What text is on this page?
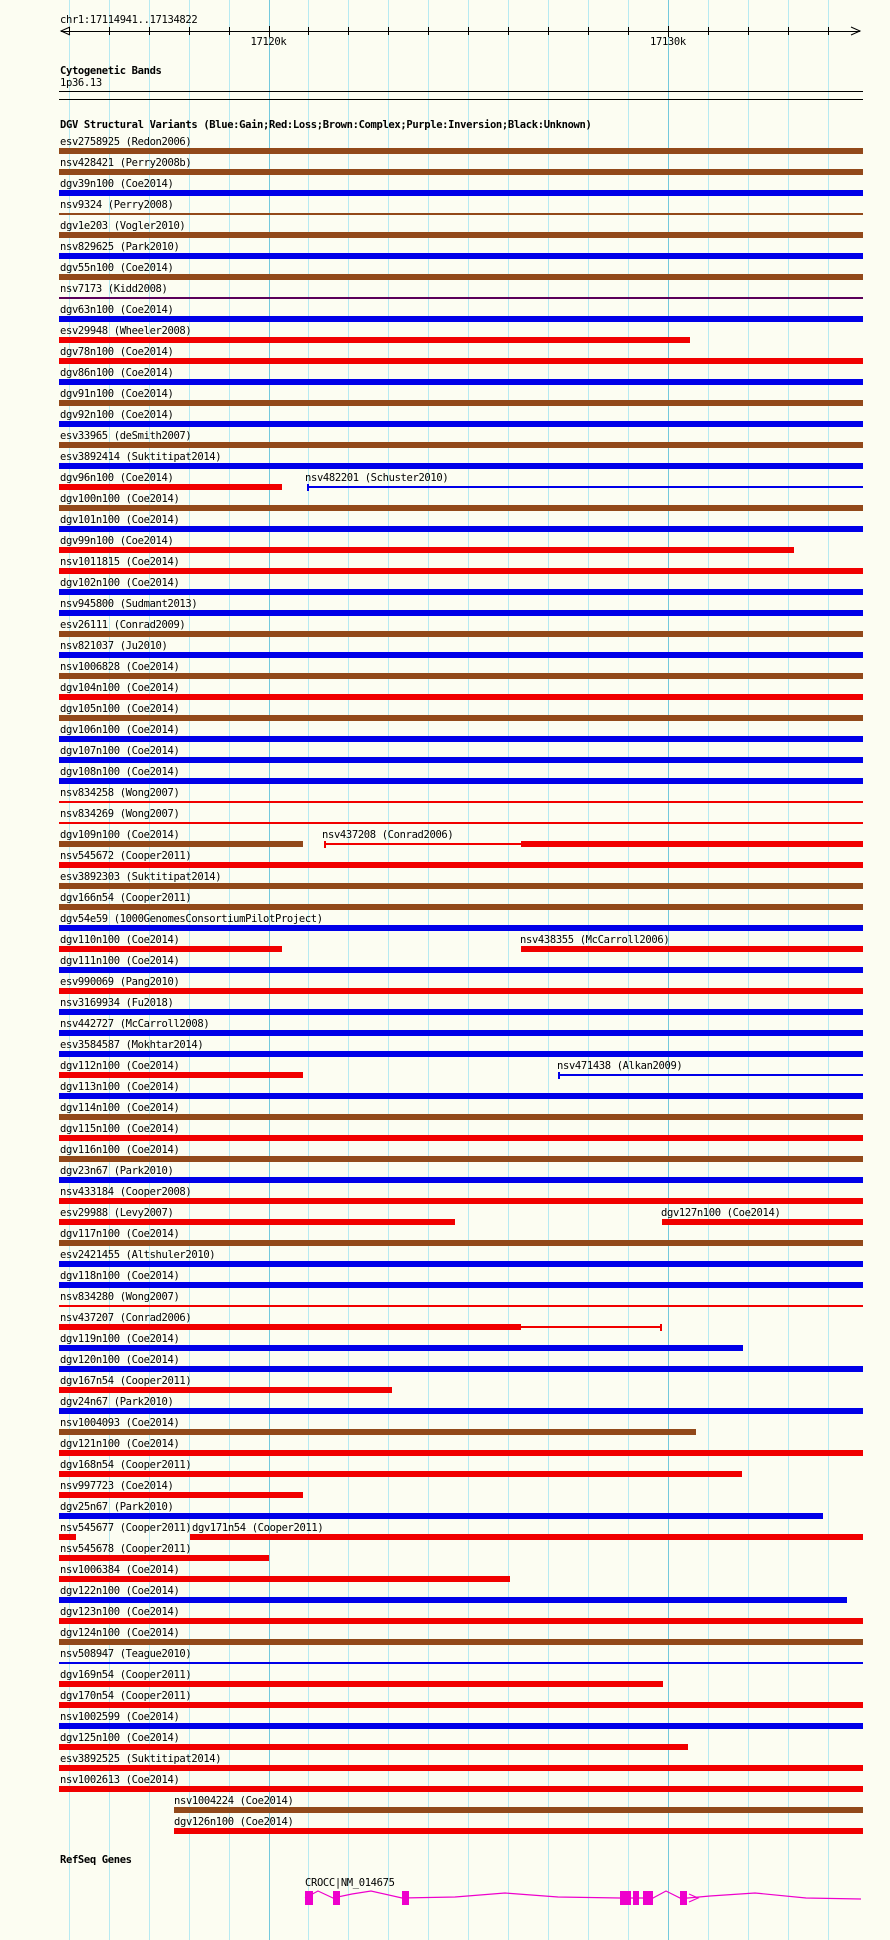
chr1:17114941..17134822
17120k	17130k
Cytogenetic Bands
1p36.13
DGV Structural Variants (Blue:Gain;Red:Loss;Brown:Complex;Purple:Inversion;Black:Unknown)
esv2758925 (Redon2006)
nsv428421 (Perry2008b)
dgv39n100 (Coe2014)
nsv9324 (Perry2008)
dgv1e203 (Vogler2010)
nsv829625 (Park2010)
dgv55n100 (Coe2014)
nsv7173 (Kidd2008)
dgv63n100 (Coe2014)
esv29948 (Wheeler2008)
dgv78n100 (Coe2014)
dgv86n100 (Coe2014)
dgv91n100 (Coe2014)
dgv92n100 (Coe2014)
esv33965 (deSmith2007)
esv3892414 (Suktitipat2014)
dgv96n100 (Coe2014)	nsv482201 (Schuster2010)
dgv100n100 (Coe2014)
dgv101n100 (Coe2014)
dgv99n100 (Coe2014)
nsv1011815 (Coe2014)
dgv102n100 (Coe2014)
nsv945800 (Sudmant2013)
esv26111 (Conrad2009)
nsv821037 (Ju2010)
nsv1006828 (Coe2014)
dgv104n100 (Coe2014)
dgv105n100 (Coe2014)
dgv106n100 (Coe2014)
dgv107n100 (Coe2014)
dgv108n100 (Coe2014)
nsv834258 (Wong2007)
nsv834269 (Wong2007)
dgv109n100 (Coe2014)	nsv437208 (Conrad2006)
nsv545672 (Cooper2011)
esv3892303 (Suktitipat2014)
dgv166n54 (Cooper2011)
dgv54e59 (1000GenomesConsortiumPilotProject)
dgv110n100 (Coe2014)	nsv438355 (McCarroll2006)
dgv111n100 (Coe2014)
esv990069 (Pang2010)
nsv3169934 (Fu2018)
nsv442727 (McCarroll2008)
esv3584587 (Mokhtar2014)
dgv112n100 (Coe2014)	nsv471438 (Alkan2009)
dgv113n100 (Coe2014)
dgv114n100 (Coe2014)
dgv115n100 (Coe2014)
dgv116n100 (Coe2014)
dgv23n67 (Park2010)
nsv433184 (Cooper2008)
esv29988 (Levy2007)	dgv127n100 (Coe2014)
dgv117n100 (Coe2014)
esv2421455 (Altshuler2010)
dgv118n100 (Coe2014)
nsv834280 (Wong2007)
nsv437207 (Conrad2006)
dgv119n100 (Coe2014)
dgv120n100 (Coe2014)
dgv167n54 (Cooper2011)
dgv24n67 (Park2010)
nsv1004093 (Coe2014)
dgv121n100 (Coe2014)
dgv168n54 (Cooper2011)
nsv997723 (Coe2014)
dgv25n67 (Park2010)
nsv545677 (Cooper2011) dgv171n54 (Cooper2011)
nsv545678 (Cooper2011)
nsv1006384 (Coe2014)
dgv122n100 (Coe2014)
dgv123n100 (Coe2014)
dgv124n100 (Coe2014)
nsv508947 (Teague2010)
dgv169n54 (Cooper2011)
dgv170n54 (Cooper2011)
nsv1002599 (Coe2014)
dgv125n100 (Coe2014)
esv3892525 (Suktitipat2014)
nsv1002613 (Coe2014)
nsv1004224 (Coe2014)
dgv126n100 (Coe2014)
RefSeq Genes
CROCC|NM_014675
